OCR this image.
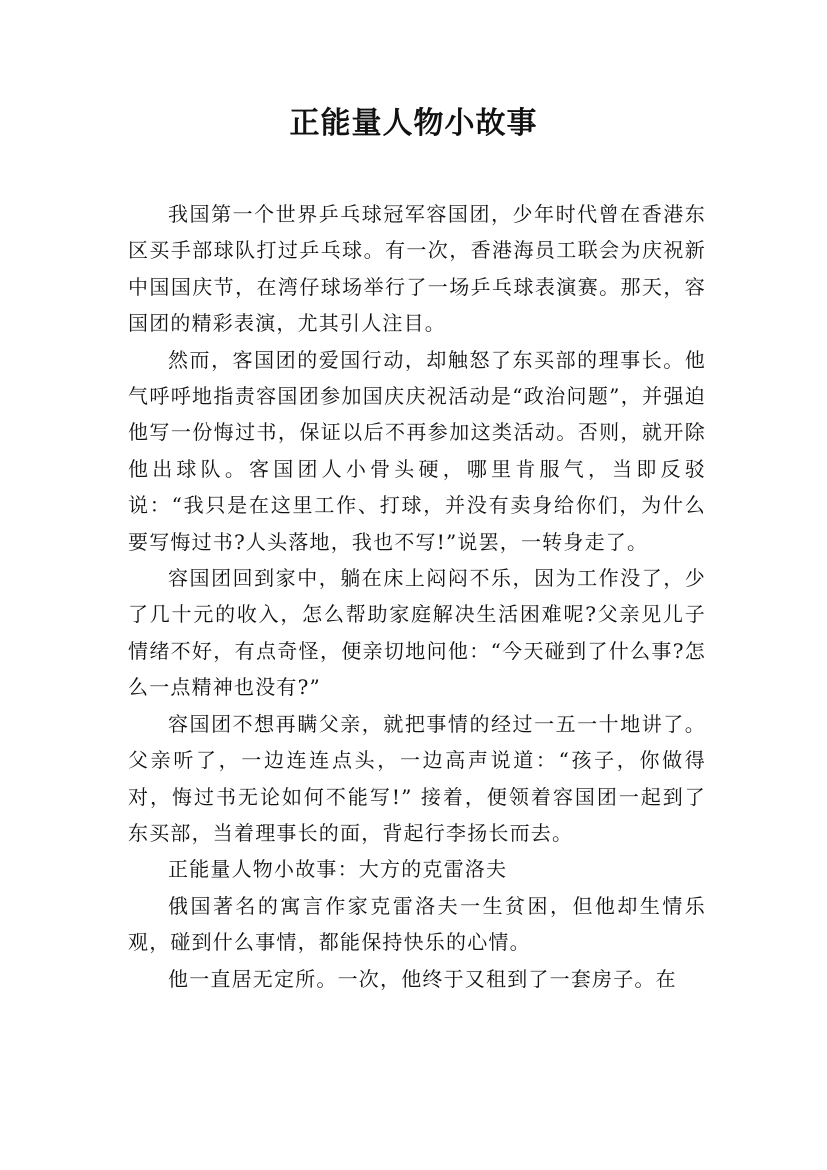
正能量人物小故事

我国第一个世界乒乓球冠军容国团，少年时代曾在香港东区买手部球队打过乒乓球。有一次，香港海员工联会为庆祝新中国国庆节，在湾仔球场举行了一场乒乓球表演赛。那天，容国团的精彩表演，尤其引人注目。

然而，客国团的爱国行动，却触怒了东买部的理事长。他气呼呼地指责容国团参加国庆庆祝活动是“政治问题”，并强迫他写一份悔过书，保证以后不再参加这类活动。否则，就开除他出球队。客国团人小骨头硬，哪里肯服气，当即反驳说：“我只是在这里工作、打球，并没有卖身给你们，为什么要写悔过书?人头落地，我也不写!”说罢，一转身走了。

容国团回到家中，躺在床上闷闷不乐，因为工作没了，少了几十元的收入，怎么帮助家庭解决生活困难呢?父亲见儿子情绪不好，有点奇怪，便亲切地问他：“今天碰到了什么事?怎么一点精神也没有?”

容国团不想再瞒父亲，就把事情的经过一五一十地讲了。父亲听了，一边连连点头，一边高声说道：“孩子，你做得对，悔过书无论如何不能写!” 接着，便领着容国团一起到了东买部，当着理事长的面，背起行李扬长而去。

正能量人物小故事：大方的克雷洛夫

俄国著名的寓言作家克雷洛夫一生贫困，但他却生情乐观，碰到什么事情，都能保持快乐的心情。

他一直居无定所。一次，他终于又租到了一套房子。在
